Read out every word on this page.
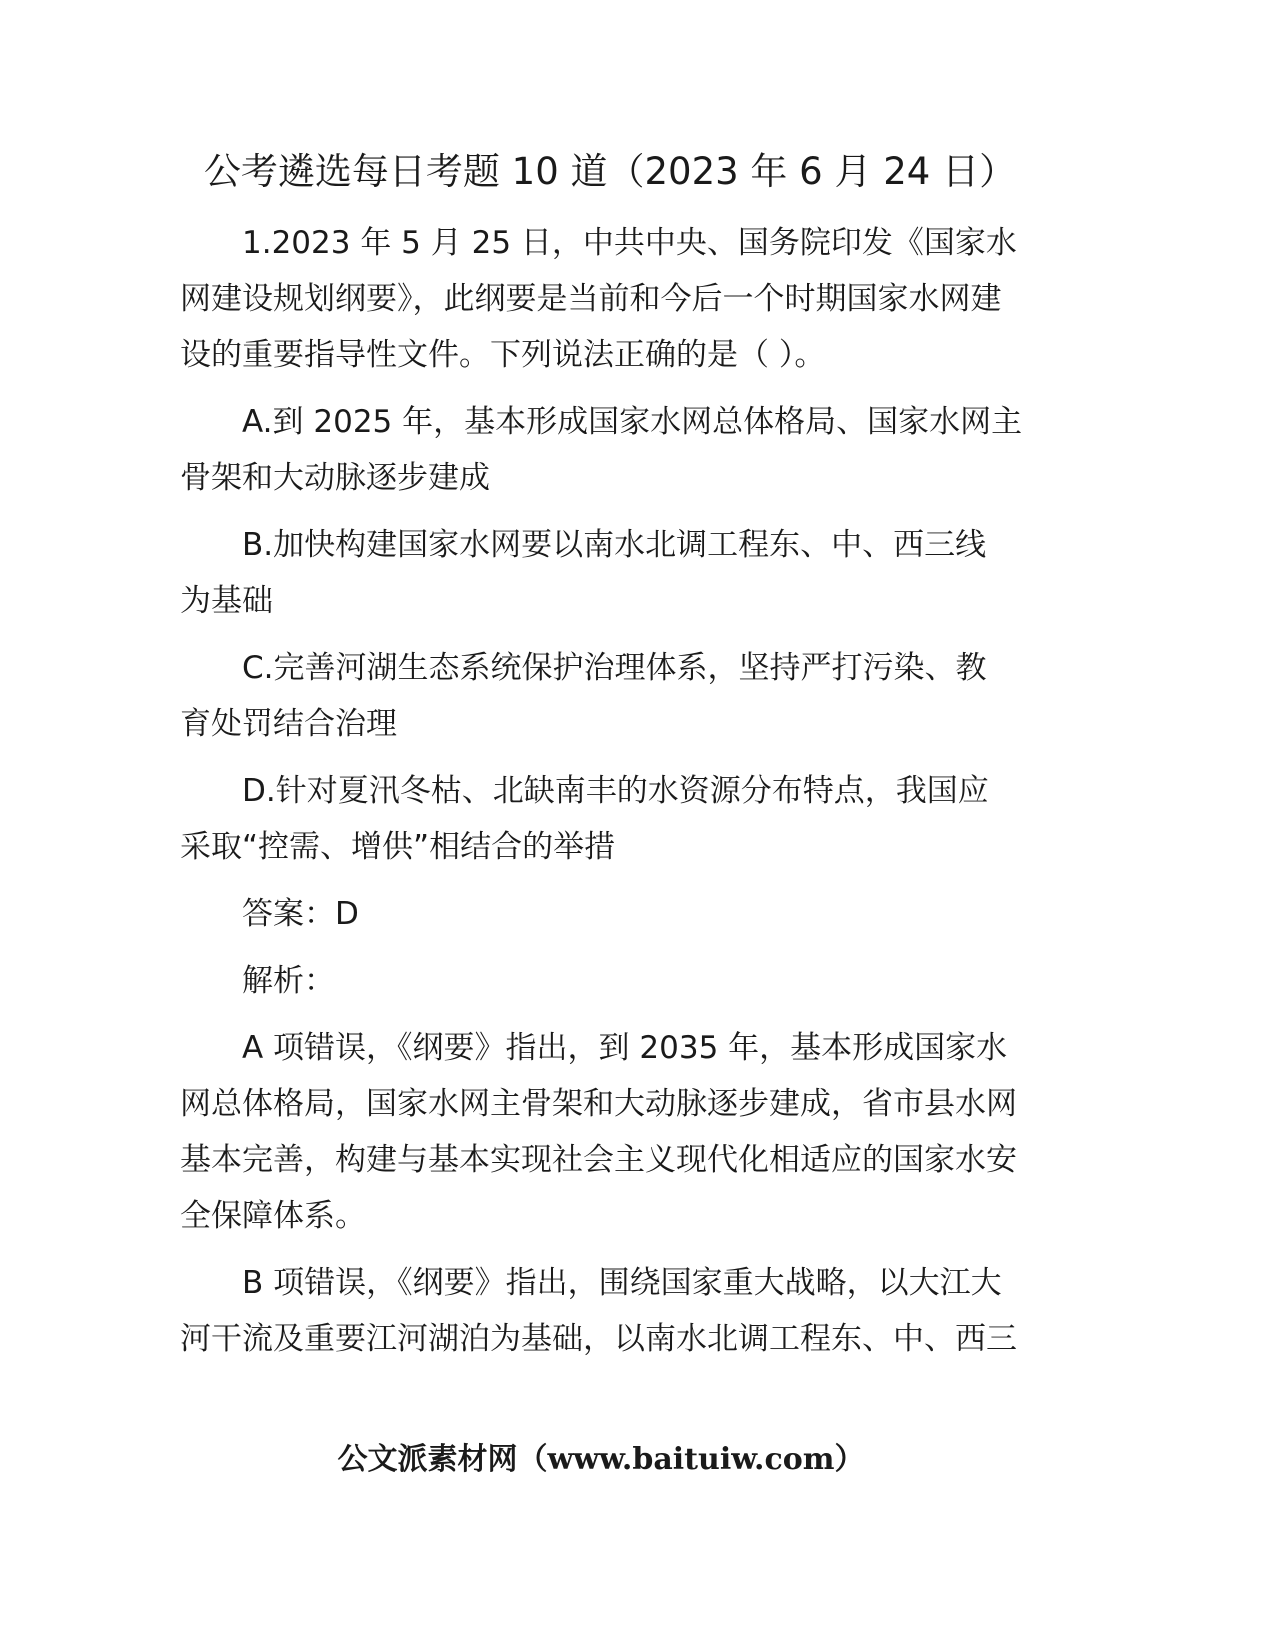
公考遴选每日考题 10 道（2023 年 6 月 24 日）
1.2023 年 5 月 25 日，中共中央、国务院印发《国家水
网建设规划纲要》，此纲要是当前和今后一个时期国家水网建
设的重要指导性文件。下列说法正确的是（ ）。
A.到 2025 年，基本形成国家水网总体格局、国家水网主
骨架和大动脉逐步建成
B.加快构建国家水网要以南水北调工程东、中、西三线
为基础
C.完善河湖生态系统保护治理体系，坚持严打污染、教
育处罚结合治理
D.针对夏汛冬枯、北缺南丰的水资源分布特点，我国应
采取“控需、增供”相结合的举措
答案：D
解析：
A 项错误，《纲要》指出，到 2035 年，基本形成国家水
网总体格局，国家水网主骨架和大动脉逐步建成，省市县水网
基本完善，构建与基本实现社会主义现代化相适应的国家水安
全保障体系。
B 项错误，《纲要》指出，围绕国家重大战略，以大江大
河干流及重要江河湖泊为基础，以南水北调工程东、中、西三
公文派素材网（www.baituiw.com）
